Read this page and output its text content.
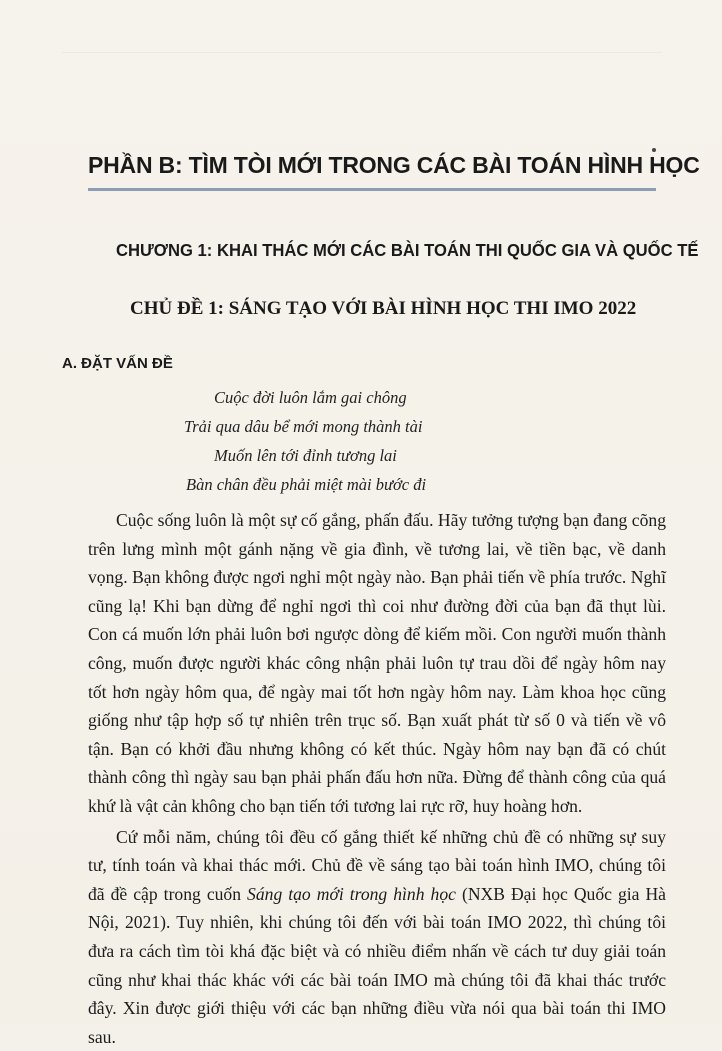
PHẦN B: TÌM TÒI MỚI TRONG CÁC BÀI TOÁN HÌNH HỌC
CHƯƠNG 1: KHAI THÁC MỚI CÁC BÀI TOÁN THI QUỐC GIA VÀ QUỐC TẾ
CHỦ ĐỀ 1: SÁNG TẠO VỚI BÀI HÌNH HỌC THI IMO 2022
A. ĐẶT VẤN ĐỀ
Cuộc đời luôn lắm gai chông
Trải qua dâu bể mới mong thành tài
Muốn lên tới đỉnh tương lai
Bàn chân đều phải miệt mài bước đi

Cuộc sống luôn là một sự cố gắng, phấn đấu. Hãy tưởng tượng bạn đang cõng trên lưng mình một gánh nặng về gia đình, về tương lai, về tiền bạc, về danh vọng. Bạn không được ngơi nghỉ một ngày nào. Bạn phải tiến về phía trước. Nghĩ cũng lạ! Khi bạn dừng để nghỉ ngơi thì coi như đường đời của bạn đã thụt lùi. Con cá muốn lớn phải luôn bơi ngược dòng để kiếm mồi. Con người muốn thành công, muốn được người khác công nhận phải luôn tự trau dồi để ngày hôm nay tốt hơn ngày hôm qua, để ngày mai tốt hơn ngày hôm nay. Làm khoa học cũng giống như tập hợp số tự nhiên trên trục số. Bạn xuất phát từ số 0 và tiến về vô tận. Bạn có khởi đầu nhưng không có kết thúc. Ngày hôm nay bạn đã có chút thành công thì ngày sau bạn phải phấn đấu hơn nữa. Đừng để thành công của quá khứ là vật cản không cho bạn tiến tới tương lai rực rỡ, huy hoàng hơn.

Cứ mỗi năm, chúng tôi đều cố gắng thiết kế những chủ đề có những sự suy tư, tính toán và khai thác mới. Chủ đề về sáng tạo bài toán hình IMO, chúng tôi đã đề cập trong cuốn Sáng tạo mới trong hình học (NXB Đại học Quốc gia Hà Nội, 2021). Tuy nhiên, khi chúng tôi đến với bài toán IMO 2022, thì chúng tôi đưa ra cách tìm tòi khá đặc biệt và có nhiều điểm nhấn về cách tư duy giải toán cũng như khai thác khác với các bài toán IMO mà chúng tôi đã khai thác trước đây. Xin được giới thiệu với các bạn những điều vừa nói qua bài toán thi IMO sau.
